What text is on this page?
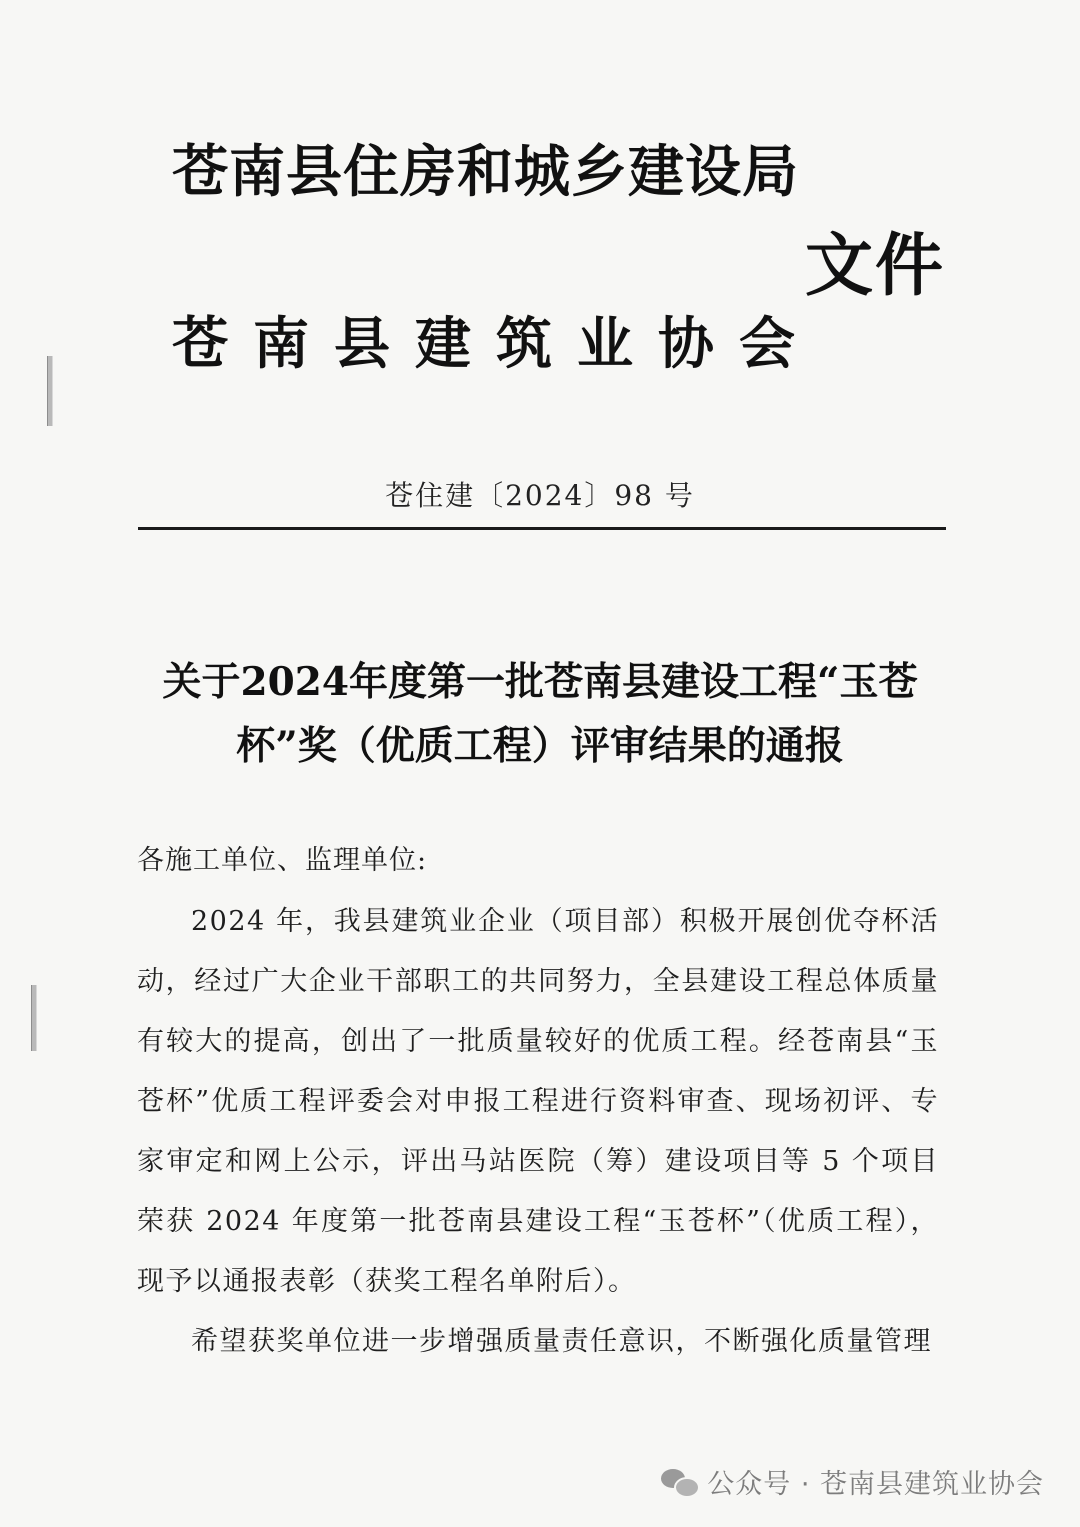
苍南县住房和城乡建设局
文件
苍南县建筑业协会
苍住建〔2024〕98 号
关于2024年度第一批苍南县建设工程“玉苍杯”奖（优质工程）评审结果的通报
各施工单位、监理单位:

2024 年，我县建筑业企业（项目部）积极开展创优夺杯活动，经过广大企业干部职工的共同努力，全县建设工程总体质量有较大的提高，创出了一批质量较好的优质工程。经苍南县“玉苍杯”优质工程评委会对申报工程进行资料审查、现场初评、专家审定和网上公示，评出马站医院（筹）建设项目等 5 个项目荣获 2024 年度第一批苍南县建设工程“玉苍杯”（优质工程），现予以通报表彰（获奖工程名单附后）。

希望获奖单位进一步增强质量责任意识，不断强化质量管理

公众号 · 苍南县建筑业协会
